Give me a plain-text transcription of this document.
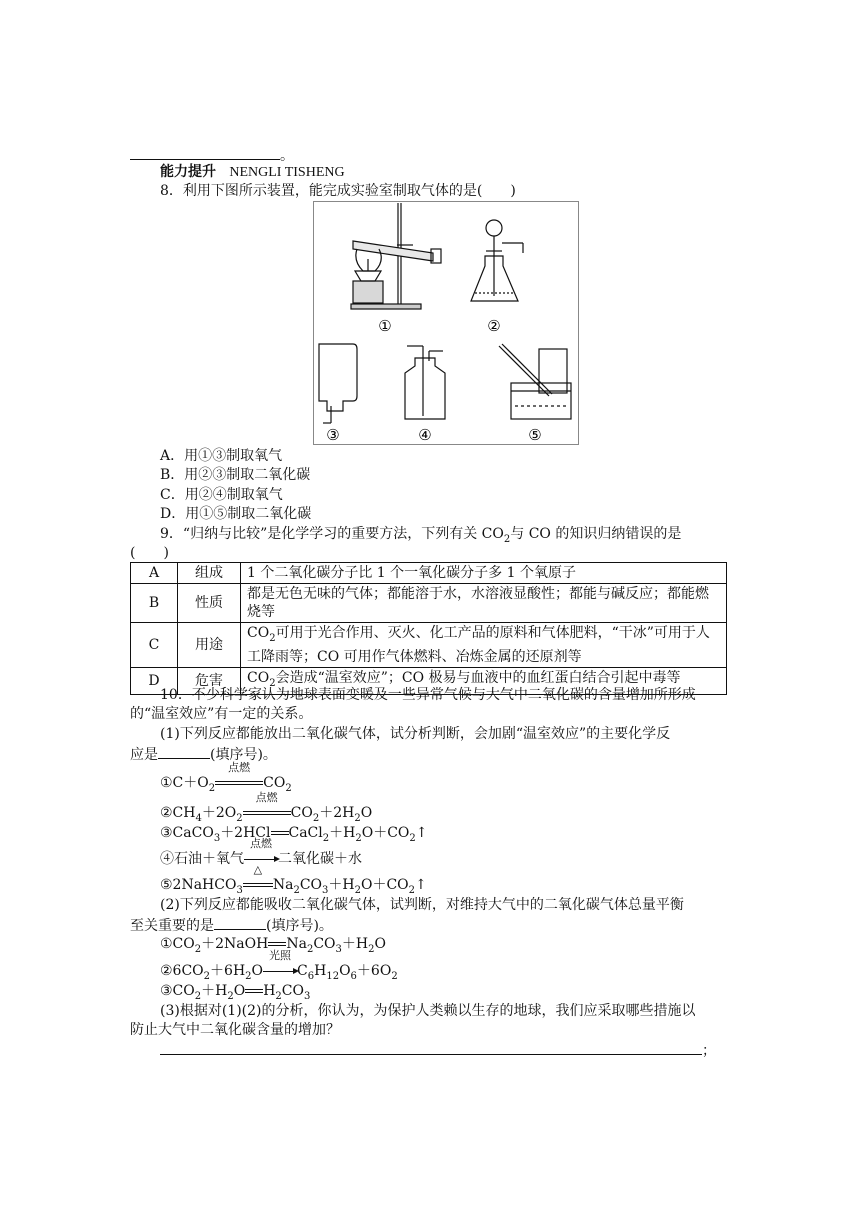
。
能力提升 NENGLI TISHENG
8．利用下图所示装置，能完成实验室制取气体的是(　　)
①	②
③	④	⑤
A．用①③制取氧气
B．用②③制取二氧化碳
C．用②④制取氧气
D．用①⑤制取二氧化碳
9．“归纳与比较”是化学学习的重要方法，下列有关 $CO_2$与 CO 的知识归纳错误的是
(　　)
A	组成	1 个二氧化碳分子比 1 个一氧化碳分子多 1 个氧原子
B	性质	都是无色无味的气体；都能溶于水，水溶液显酸性；都能与碱反应；都能燃烧等
C	用途	$CO_2$可用于光合作用、灭火、化工产品的原料和气体肥料，“干冰”可用于人工降雨等；CO 可用作气体燃料、冶炼金属的还原剂等
D	危害	$CO_2$会造成“温室效应”；CO 极易与血液中的血红蛋白结合引起中毒等
10．不少科学家认为地球表面变暖及一些异常气候与大气中二氧化碳的含量增加所形成
的“温室效应”有一定的关系。
(1)下列反应都能放出二氧化碳气体，试分析判断，会加剧“温室效应”的主要化学反
应是	(填序号)。
$①C+O_2$
点燃
$CO_2$
$②CH_4+2O_2$
点燃
$CO_2+2H_2O$
③CaCO$_3$＋2HCl $CaCl_2+H_2O+CO_2↑$
④石油＋氧气
点燃
二氧化碳＋水
⑤2NaHCO$_3$
△
$Na_2CO_3+H_2O+CO_2↑$
(2)下列反应都能吸收二氧化碳气体，试判断，对维持大气中的二氧化碳气体总量平衡
至关重要的是	(填序号)。
$①CO_2+2NaOH$ $Na_2CO_3+H_2O$
$②6CO_2+6H_2O$
光照
$C_6H_{12}O_6+6O_2$
$③CO_2+H_2O$ $H_2CO_3$
(3)根据对(1)(2)的分析，你认为，为保护人类赖以生存的地球，我们应采取哪些措施以
防止大气中二氧化碳含量的增加？
；
